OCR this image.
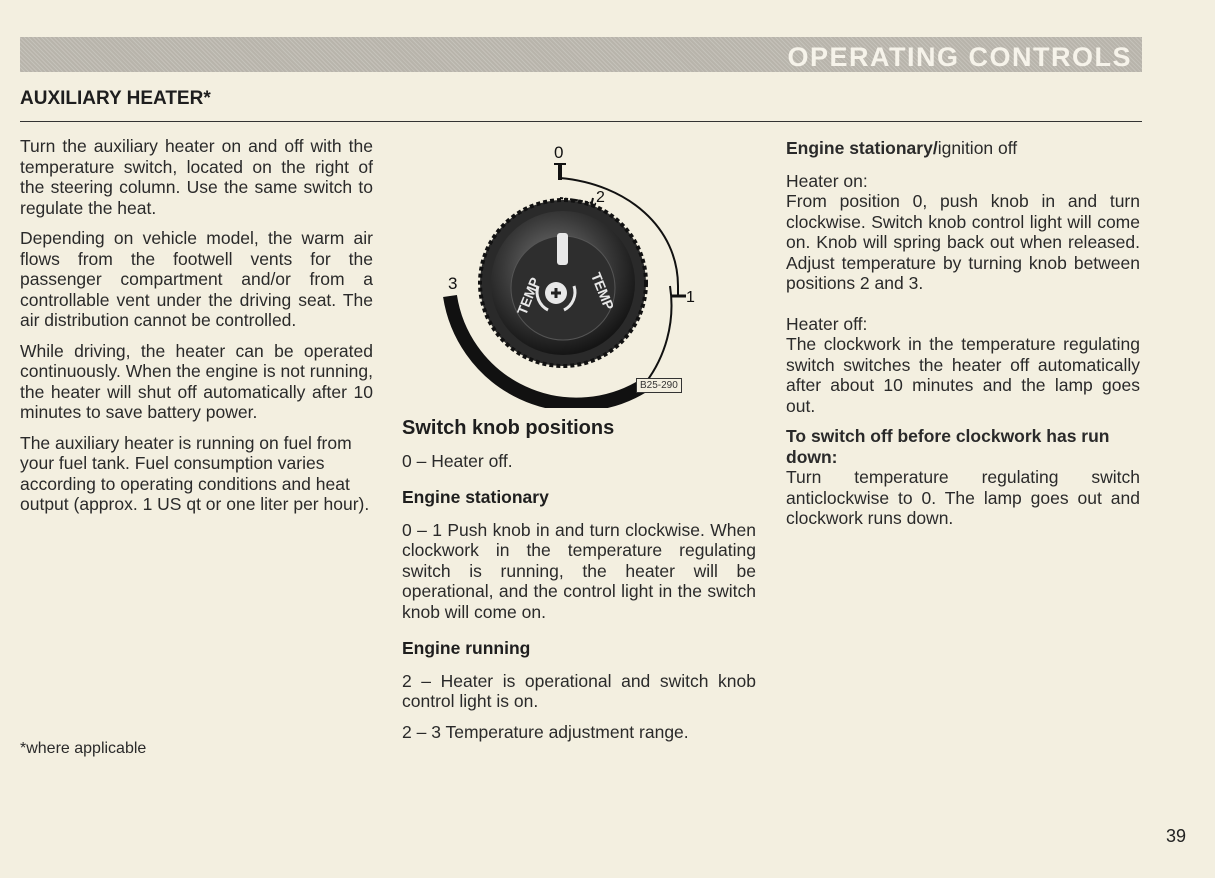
OPERATING CONTROLS
AUXILIARY HEATER*

Turn the auxiliary heater on and off with the temperature switch, located on the right of the steering column. Use the same switch to regulate the heat.

Depending on vehicle model, the warm air flows from the footwell vents for the passenger compartment and/or from a controllable vent under the driving seat. The air distribution cannot be controlled.

While driving, the heater can be operated continuously. When the engine is not running, the heater will shut off automatically after 10 minutes to save battery power.

The auxiliary heater is running on fuel from your fuel tank. Fuel consumption varies according to operating conditions and heat output (approx. 1 US qt or one liter per hour).

*where applicable
TEMP	TEMP
0
2
1
3
B25-290
Switch knob positions

0 – Heater off.

Engine stationary

0 – 1 Push knob in and turn clockwise. When clockwork in the temperature regulating switch is running, the heater will be operational, and the control light in the switch knob will come on.

Engine running

2 – Heater is operational and switch knob control light is on.

2 – 3 Temperature adjustment range.

Engine stationary/ignition off
Heater on:

From position 0, push knob in and turn clockwise. Switch knob control light will come on. Knob will spring back out when released. Adjust temperature by turning knob between positions 2 and 3.

Heater off:

The clockwork in the temperature regulating switch switches the heater off automatically after about 10 minutes and the lamp goes out.

To switch off before clockwork has run down:

Turn temperature regulating switch anticlockwise to 0. The lamp goes out and clockwork runs down.

39
